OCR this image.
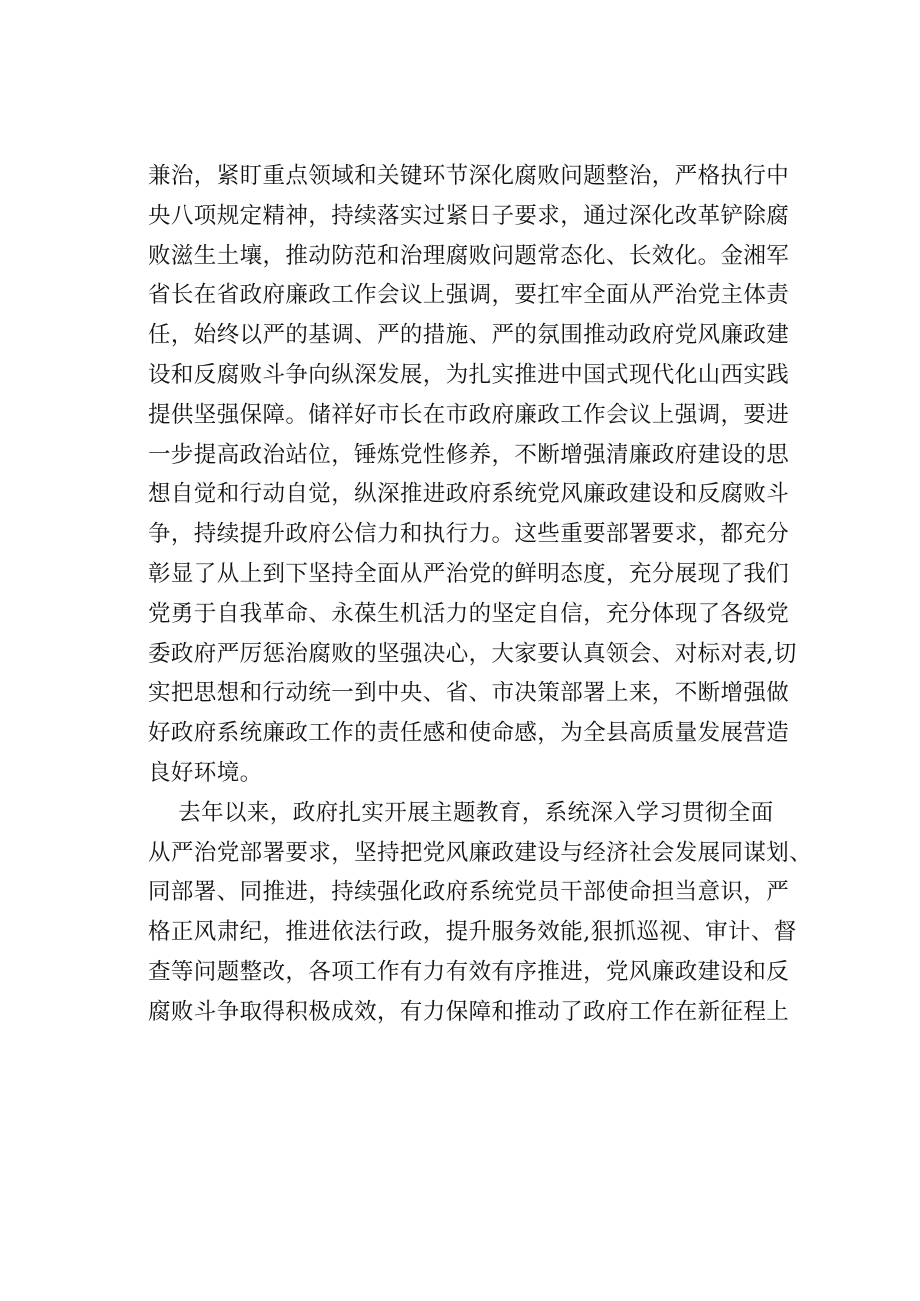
兼治，紧盯重点领域和关键环节深化腐败问题整治，严格执行中
央八项规定精神，持续落实过紧日子要求，通过深化改革铲除腐
败滋生土壤，推动防范和治理腐败问题常态化、长效化。金湘军
省长在省政府廉政工作会议上强调，要扛牢全面从严治党主体责
任，始终以严的基调、严的措施、严的氛围推动政府党风廉政建
设和反腐败斗争向纵深发展，为扎实推进中国式现代化山西实践
提供坚强保障。储祥好市长在市政府廉政工作会议上强调，要进
一步提高政治站位，锤炼党性修养，不断增强清廉政府建设的思
想自觉和行动自觉，纵深推进政府系统党风廉政建设和反腐败斗
争，持续提升政府公信力和执行力。这些重要部署要求，都充分
彰显了从上到下坚持全面从严治党的鲜明态度，充分展现了我们
党勇于自我革命、永葆生机活力的坚定自信，充分体现了各级党
委政府严厉惩治腐败的坚强决心，大家要认真领会、对标对表,切
实把思想和行动统一到中央、省、市决策部署上来，不断增强做
好政府系统廉政工作的责任感和使命感，为全县高质量发展营造
良好环境。
去年以来，政府扎实开展主题教育，系统深入学习贯彻全面
从严治党部署要求，坚持把党风廉政建设与经济社会发展同谋划、
同部署、同推进，持续强化政府系统党员干部使命担当意识，严
格正风肃纪，推进依法行政，提升服务效能,狠抓巡视、审计、督
查等问题整改，各项工作有力有效有序推进，党风廉政建设和反
腐败斗争取得积极成效，有力保障和推动了政府工作在新征程上
